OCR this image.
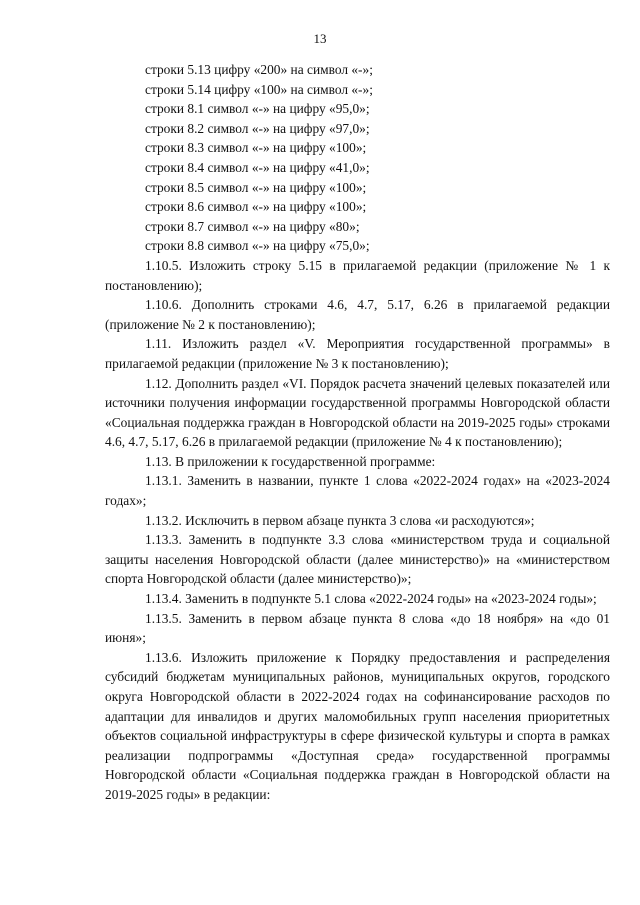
13
строки 5.13 цифру «200» на символ «-»;
строки 5.14 цифру «100» на символ «-»;
строки 8.1 символ «-» на цифру «95,0»;
строки 8.2 символ «-» на цифру «97,0»;
строки 8.3 символ «-» на цифру «100»;
строки 8.4 символ «-» на цифру «41,0»;
строки 8.5 символ «-» на цифру «100»;
строки 8.6 символ «-» на цифру «100»;
строки 8.7 символ «-» на цифру «80»;
строки 8.8 символ «-» на цифру «75,0»;

1.10.5. Изложить строку 5.15 в прилагаемой редакции (приложение № 1 к постановлению);

1.10.6. Дополнить строками 4.6, 4.7, 5.17, 6.26 в прилагаемой редакции (приложение № 2 к постановлению);

1.11. Изложить раздел «V. Мероприятия государственной программы» в прилагаемой редакции (приложение № 3 к постановлению);

1.12. Дополнить раздел «VI. Порядок расчета значений целевых показателей или источники получения информации государственной программы Новгородской области «Социальная поддержка граждан в Новгородской области на 2019-2025 годы» строками 4.6, 4.7, 5.17, 6.26 в прилагаемой редакции (приложение № 4 к постановлению);

1.13. В приложении к государственной программе:

1.13.1. Заменить в названии, пункте 1 слова «2022-2024 годах» на «2023-2024 годах»;

1.13.2. Исключить в первом абзаце пункта 3 слова «и расходуются»;

1.13.3. Заменить в подпункте 3.3 слова «министерством труда и социальной защиты населения Новгородской области (далее министерство)» на «министерством спорта Новгородской области (далее министерство)»;

1.13.4. Заменить в подпункте 5.1 слова «2022-2024 годы» на «2023-2024 годы»;

1.13.5. Заменить в первом абзаце пункта 8 слова «до 18 ноября» на «до 01 июня»;

1.13.6. Изложить приложение к Порядку предоставления и распределения субсидий бюджетам муниципальных районов, муниципальных округов, городского округа Новгородской области в 2022-2024 годах на софинансирование расходов по адаптации для инвалидов и других маломобильных групп населения приоритетных объектов социальной инфраструктуры в сфере физической культуры и спорта в рамках реализации подпрограммы «Доступная среда» государственной программы Новгородской области «Социальная поддержка граждан в Новгородской области на 2019-2025 годы» в редакции:
